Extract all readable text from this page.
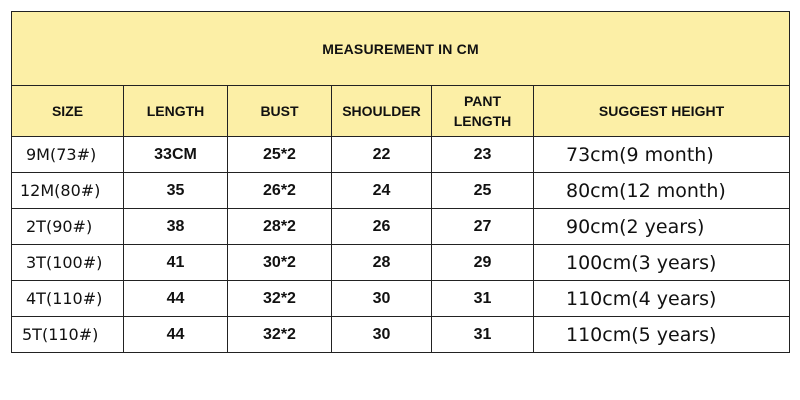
MEASUREMENT IN CM					
SIZE	LENGTH	BUST	SHOULDER	PANT LENGTH	SUGGEST HEIGHT
9M(73#)	33CM	25*2	22	23	73cm(9 month)
12M(80#)	35	26*2	24	25	80cm(12 month)
2T(90#)	38	28*2	26	27	90cm(2 years)
3T(100#)	41	30*2	28	29	100cm(3 years)
4T(110#)	44	32*2	30	31	110cm(4 years)
5T(110#)	44	32*2	30	31	110cm(5 years)
